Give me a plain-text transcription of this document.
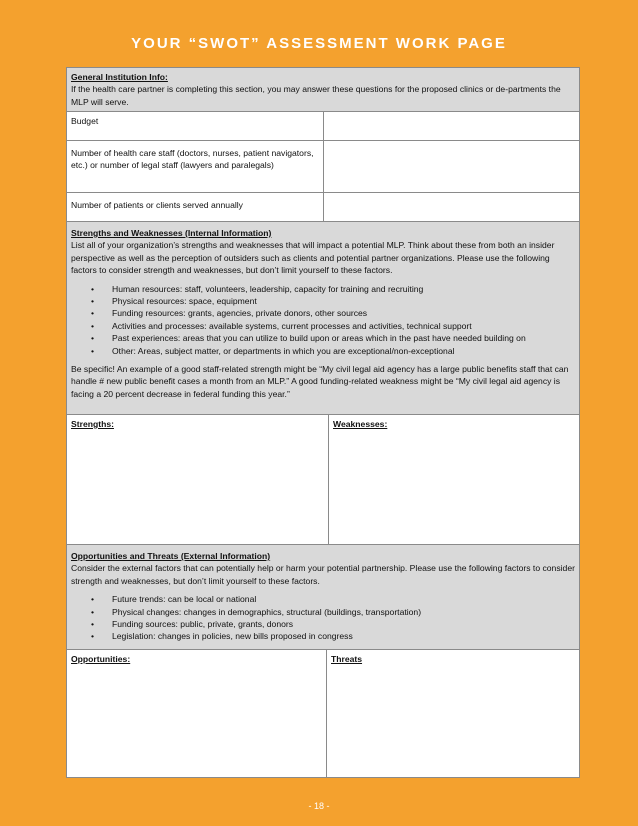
YOUR “SWOT” ASSESSMENT WORK PAGE
General Institution Info:
If the health care partner is completing this section, you may answer these questions for the proposed clinics or de-partments the MLP will serve.
Budget
Number of health care staff (doctors, nurses, patient navigators, etc.) or number of legal staff (lawyers and paralegals)
Number of patients or clients served annually
Strengths and Weaknesses (Internal Information)
List all of your organization’s strengths and weaknesses that will impact a potential MLP. Think about these from both an insider perspective as well as the perception of outsiders such as clients and potential partner organizations. Please use the following factors to consider strength and weaknesses, but don’t limit yourself to these factors.
• Human resources: staff, volunteers, leadership, capacity for training and recruiting
• Physical resources: space, equipment
• Funding resources: grants, agencies, private donors, other sources
• Activities and processes: available systems, current processes and activities, technical support
• Past experiences: areas that you can utilize to build upon or areas which in the past have needed building on
• Other: Areas, subject matter, or departments in which you are exceptional/non-exceptional
Be specific! An example of a good staff-related strength might be “My civil legal aid agency has a large public benefits staff that can handle # new public benefit cases a month from an MLP.” A good funding-related weakness might be “My civil legal aid agency is facing a 20 percent decrease in federal funding this year.”
Strengths:	Weaknesses:
Opportunities and Threats (External Information)
Consider the external factors that can potentially help or harm your potential partnership. Please use the following factors to consider strength and weaknesses, but don’t limit yourself to these factors.
• Future trends: can be local or national
• Physical changes: changes in demographics, structural (buildings, transportation)
• Funding sources: public, private, grants, donors
• Legislation: changes in policies, new bills proposed in congress
Opportunities:	Threats
- 18 -
